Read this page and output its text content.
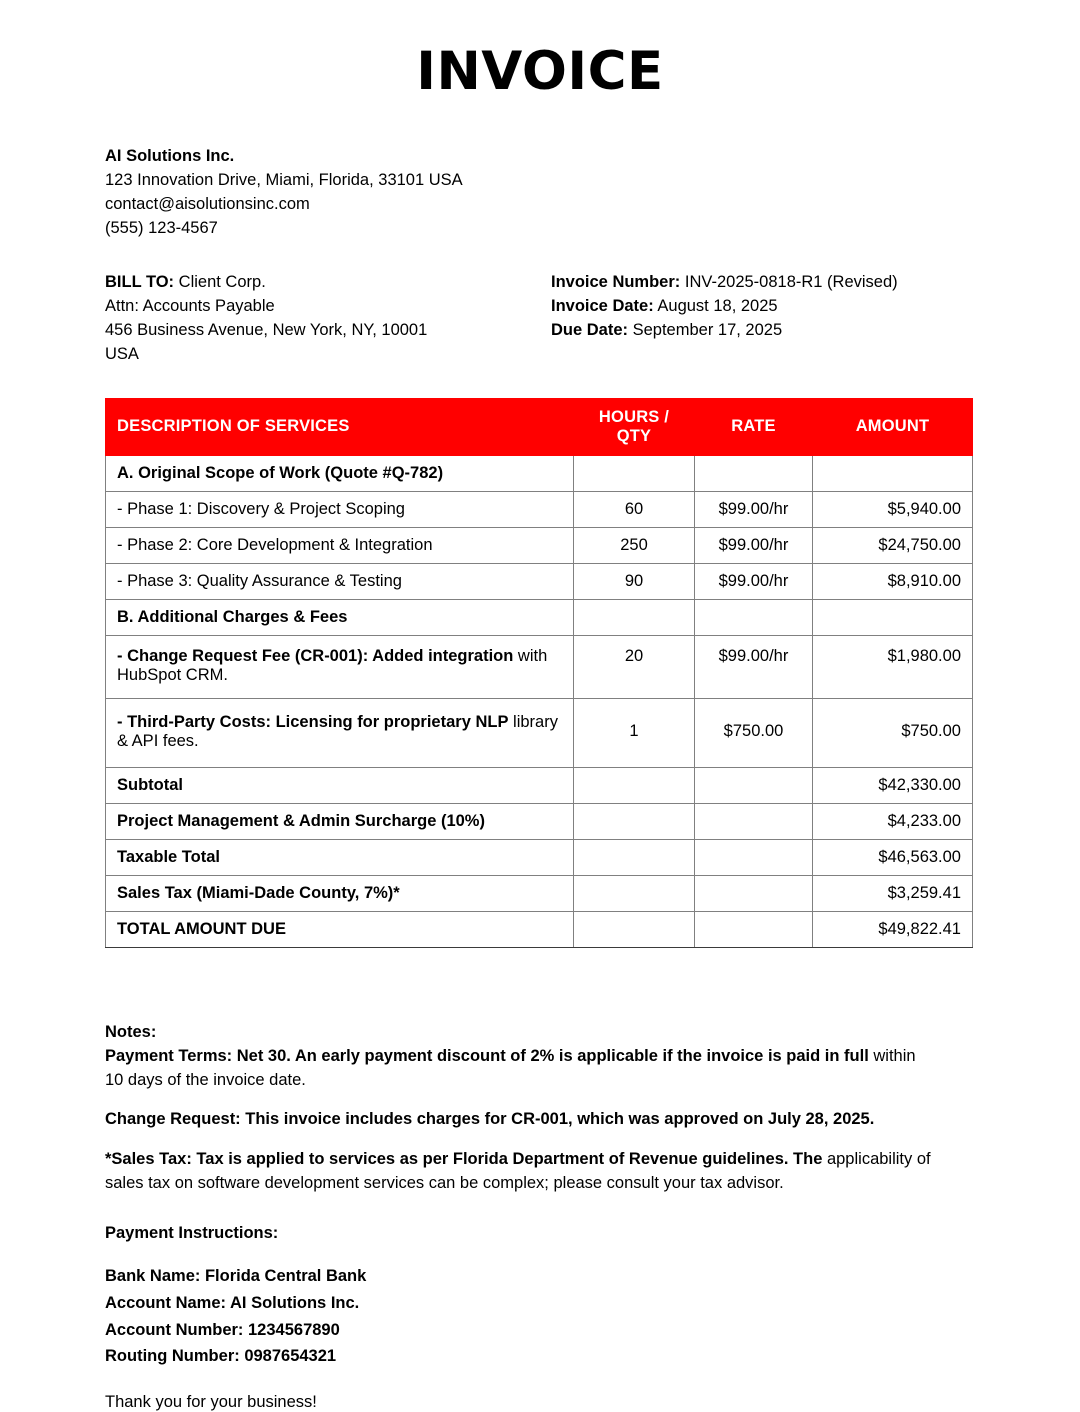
INVOICE
AI Solutions Inc.
123 Innovation Drive, Miami, Florida, 33101 USA
contact@aisolutionsinc.com
(555) 123-4567
BILL TO: Client Corp.
Attn: Accounts Payable
456 Business Avenue, New York, NY, 10001
USA
Invoice Number: INV-2025-0818-R1 (Revised)
Invoice Date: August 18, 2025
Due Date: September 17, 2025
DESCRIPTION OF SERVICES	HOURS / QTY	RATE	AMOUNT
A. Original Scope of Work (Quote #Q-782)			
- Phase 1: Discovery & Project Scoping	60	$99.00/hr	$5,940.00
- Phase 2: Core Development & Integration	250	$99.00/hr	$24,750.00
- Phase 3: Quality Assurance & Testing	90	$99.00/hr	$8,910.00
B. Additional Charges & Fees			
- Change Request Fee (CR-001): Added integration with HubSpot CRM.	20	$99.00/hr	$1,980.00
- Third-Party Costs: Licensing for proprietary NLP library & API fees.	1	$750.00	$750.00
Subtotal			$42,330.00
Project Management & Admin Surcharge (10%)			$4,233.00
Taxable Total			$46,563.00
Sales Tax (Miami-Dade County, 7%)*			$3,259.41
TOTAL AMOUNT DUE			$49,822.41

Notes:

Payment Terms: Net 30. An early payment discount of 2% is applicable if the invoice is paid in full within 10 days of the invoice date.

Change Request: This invoice includes charges for CR-001, which was approved on July 28, 2025.

*Sales Tax: Tax is applied to services as per Florida Department of Revenue guidelines. The applicability of sales tax on software development services can be complex; please consult your tax advisor.

Payment Instructions:
Bank Name: Florida Central Bank
Account Name: AI Solutions Inc.
Account Number: 1234567890
Routing Number: 0987654321
Thank you for your business!
